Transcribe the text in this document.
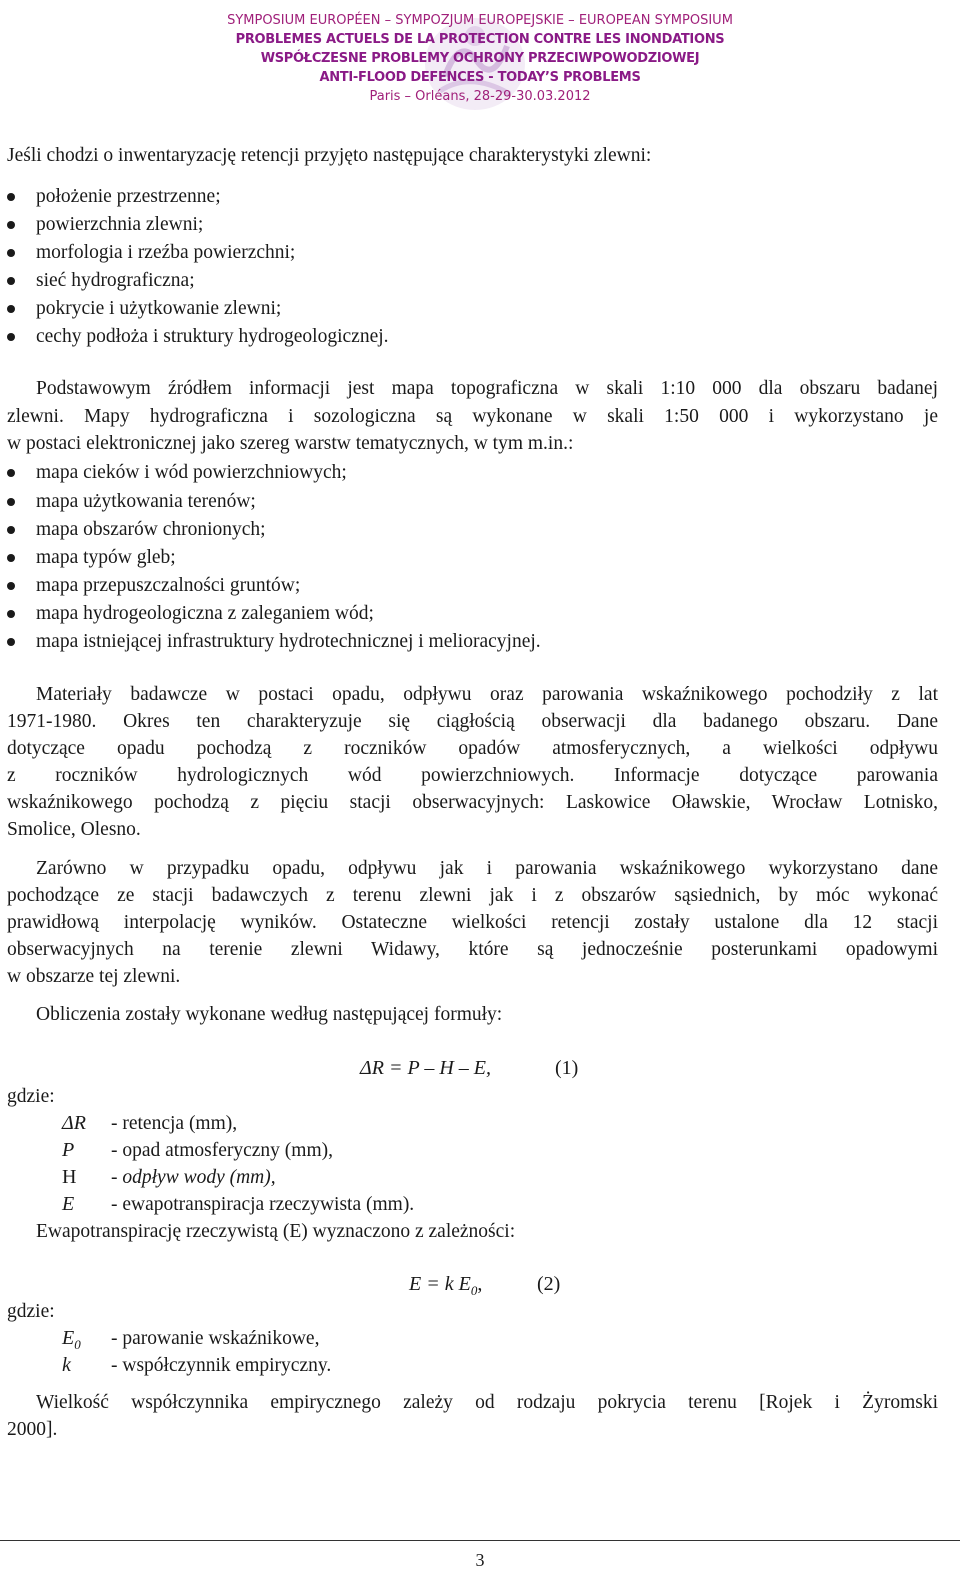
SYMPOSIUM EUROPÉEN – SYMPOZJUM EUROPEJSKIE – EUROPEAN SYMPOSIUM
PROBLEMES ACTUELS DE LA PROTECTION CONTRE LES INONDATIONS
WSPÓŁCZESNE PROBLEMY OCHRONY PRZECIWPOWODZIOWEJ
ANTI-FLOOD DEFENCES - TODAY’S PROBLEMS
Paris – Orléans, 28-29-30.03.2012
Jeśli chodzi o inwentaryzację retencji przyjęto następujące charakterystyki zlewni:
położenie przestrzenne;
powierzchnia zlewni;
morfologia i rzeźba powierzchni;
sieć hydrograficzna;
pokrycie i użytkowanie zlewni;
cechy podłoża i struktury hydrogeologicznej.
Podstawowym źródłem informacji jest mapa topograficzna w skali 1:10 000 dla obszaru badanej
zlewni. Mapy hydrograficzna i sozologiczna są wykonane w skali 1:50 000 i wykorzystano je
w postaci elektronicznej jako szereg warstw tematycznych, w tym m.in.:
mapa cieków i wód powierzchniowych;
mapa użytkowania terenów;
mapa obszarów chronionych;
mapa typów gleb;
mapa przepuszczalności gruntów;
mapa hydrogeologiczna z zaleganiem wód;
mapa istniejącej infrastruktury hydrotechnicznej i melioracyjnej.
Materiały badawcze w postaci opadu, odpływu oraz parowania wskaźnikowego pochodziły z lat
1971-1980. Okres ten charakteryzuje się ciągłością obserwacji dla badanego obszaru. Dane
dotyczące opadu pochodzą z roczników opadów atmosferycznych, a wielkości odpływu
z roczników hydrologicznych wód powierzchniowych. Informacje dotyczące parowania
wskaźnikowego pochodzą z pięciu stacji obserwacyjnych: Laskowice Oławskie, Wrocław Lotnisko,
Smolice, Olesno.
Zarówno w przypadku opadu, odpływu jak i parowania wskaźnikowego wykorzystano dane
pochodzące ze stacji badawczych z terenu zlewni jak i z obszarów sąsiednich, by móc wykonać
prawidłową interpolację wyników. Ostateczne wielkości retencji zostały ustalone dla 12 stacji
obserwacyjnych na terenie zlewni Widawy, które są jednocześnie posterunkami opadowymi
w obszarze tej zlewni.
Obliczenia zostały wykonane według następującej formuły:
ΔR = P – H – E,	(1)
gdzie:
ΔR - retencja (mm),
P - opad atmosferyczny (mm),
H - odpływ wody (mm),
E - ewapotranspiracja rzeczywista (mm).
Ewapotranspirację rzeczywistą (E) wyznaczono z zależności:
E = k $E_0$,	(2)
gdzie:
$E_0$ - parowanie wskaźnikowe,
k - współczynnik empiryczny.
Wielkość współczynnika empirycznego zależy od rodzaju pokrycia terenu [Rojek i Żyromski
2000].
3
